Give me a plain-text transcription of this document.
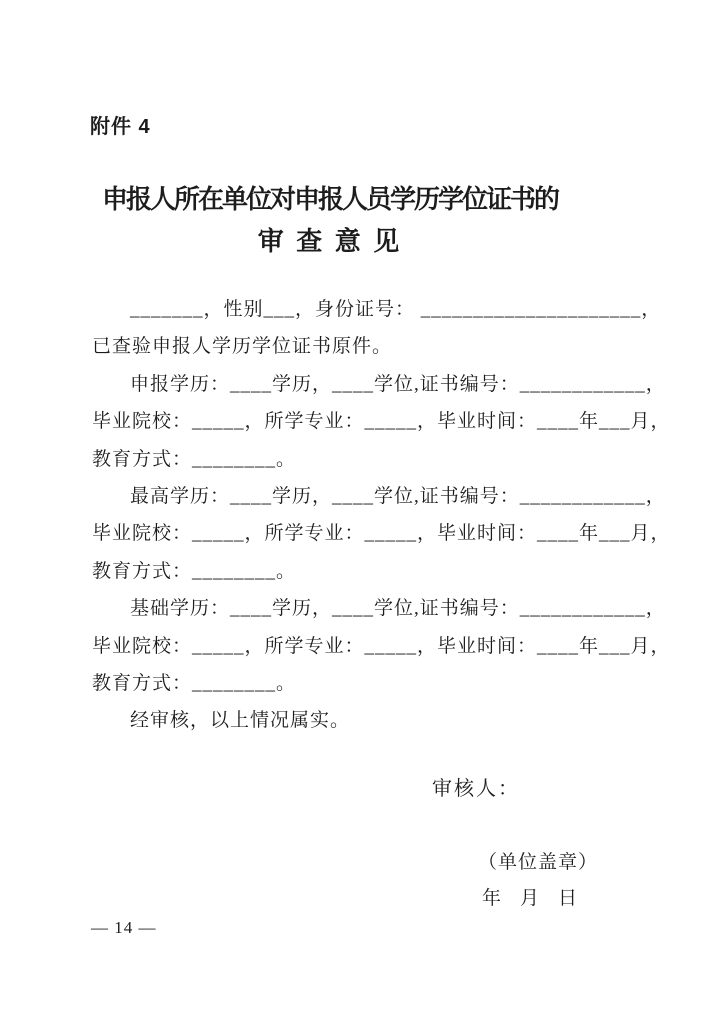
附件 4
申报人所在单位对申报人员学历学位证书的
审 查 意 见
_______，性别___，身份证号： _____________________，
已查验申报人学历学位证书原件。
申报学历：____学历，____学位,证书编号：____________，
毕业院校：_____，所学专业：_____，毕业时间：____年___月，
教育方式：________。
最高学历：____学历，____学位,证书编号：____________，
毕业院校：_____，所学专业：_____，毕业时间：____年___月，
教育方式：________。
基础学历：____学历，____学位,证书编号：____________，
毕业院校：_____，所学专业：_____，毕业时间：____年___月，
教育方式：________。
经审核，以上情况属实。
审核人：
（单位盖章）
年　月　日
— 14 —
